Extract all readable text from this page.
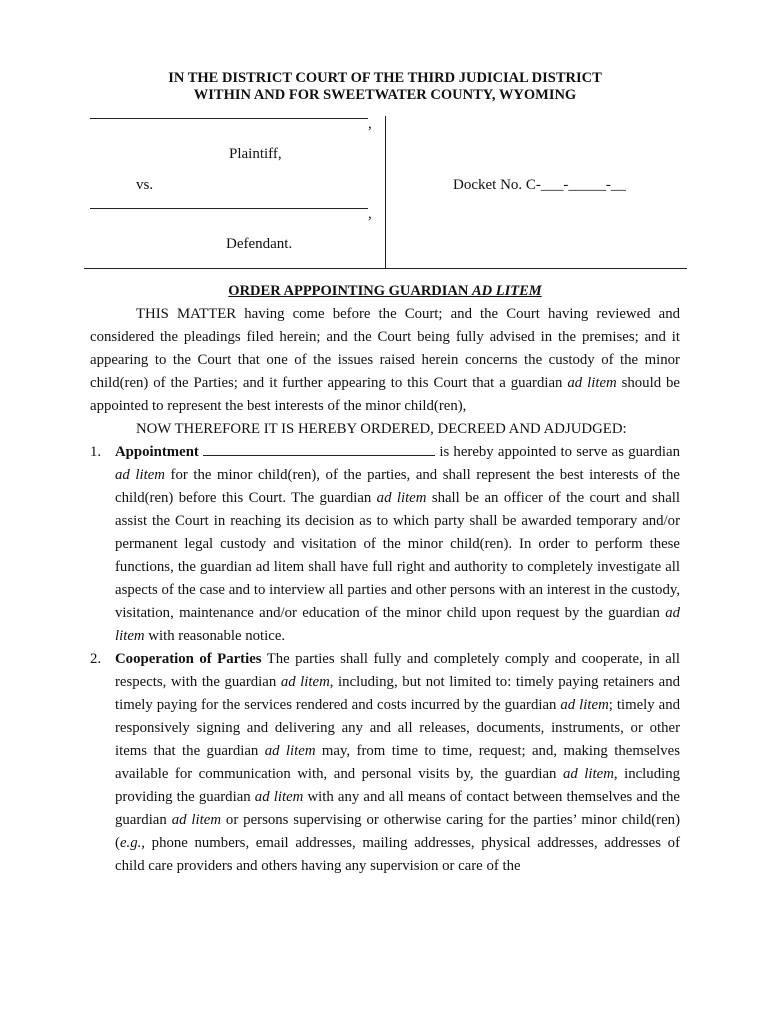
IN THE DISTRICT COURT OF THE THIRD JUDICIAL DISTRICT
WITHIN AND FOR SWEETWATER COUNTY, WYOMING
,
Plaintiff,
vs.
,
Defendant.
Docket No. C-___-_____-__
ORDER APPPOINTING GUARDIAN AD LITEM

THIS MATTER having come before the Court; and the Court having reviewed and considered the pleadings filed herein; and the Court being fully advised in the premises; and it appearing to the Court that one of the issues raised herein concerns the custody of the minor child(ren) of the Parties; and it further appearing to this Court that a guardian ad litem should be appointed to represent the best interests of the minor child(ren),

NOW THEREFORE IT IS HEREBY ORDERED, DECREED AND ADJUDGED:

1. Appointment	is hereby appointed to serve as guardian ad litem for the minor child(ren), of the parties, and shall represent the best interests of the child(ren) before this Court. The guardian ad litem shall be an officer of the court and shall assist the Court in reaching its decision as to which party shall be awarded temporary and/or permanent legal custody and visitation of the minor child(ren). In order to perform these functions, the guardian ad litem shall have full right and authority to completely investigate all aspects of the case and to interview all parties and other persons with an interest in the custody, visitation, maintenance and/or education of the minor child upon request by the guardian ad litem with reasonable notice.

2. Cooperation of Parties The parties shall fully and completely comply and cooperate, in all respects, with the guardian ad litem, including, but not limited to: timely paying retainers and timely paying for the services rendered and costs incurred by the guardian ad litem; timely and responsively signing and delivering any and all releases, documents, instruments, or other items that the guardian ad litem may, from time to time, request; and, making themselves available for communication with, and personal visits by, the guardian ad litem, including providing the guardian ad litem with any and all means of contact between themselves and the guardian ad litem or persons supervising or otherwise caring for the parties’ minor child(ren) (e.g., phone numbers, email addresses, mailing addresses, physical addresses, addresses of child care providers and others having any supervision or care of the
